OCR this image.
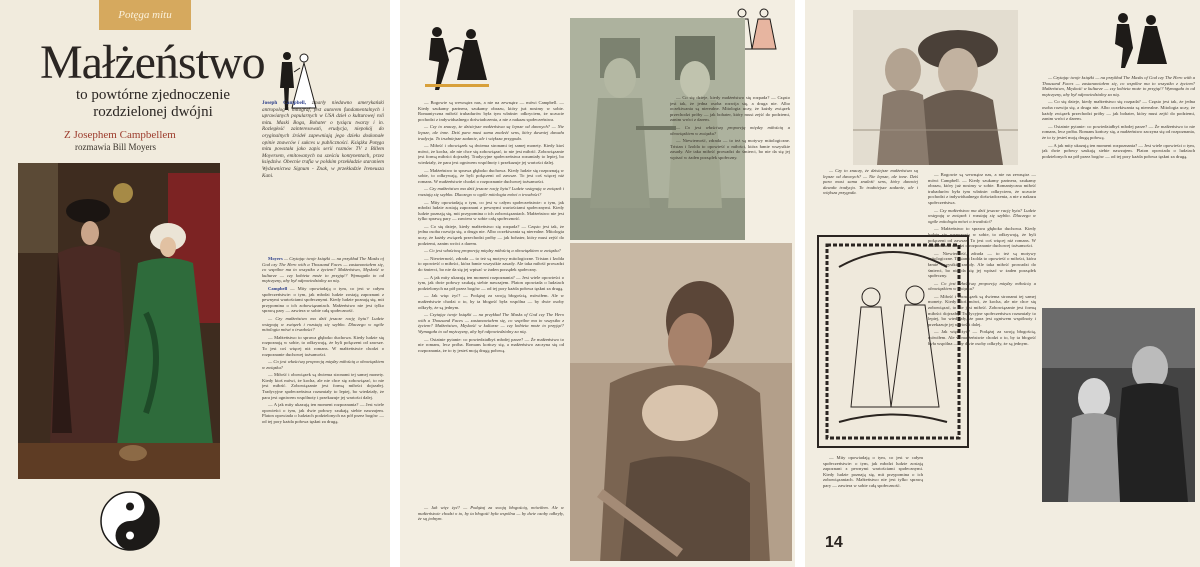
Potęga mitu
Małżeństwo
to powtórne zjednoczenie
rozdzielonej dwójni
Z Josephem Campbellem
rozmawia Bill Moyers

Joseph Campbell, zmarły niedawno amerykański antropolog i mitograf, jest autorem fundamentalnych i uprawianych popularnych w USA dzieł o kulturowej roli mitu. Maski Boga, Bohater o tysiącu twarzy i in. Rozległość zainteresowań, erudycja, niepokój do oryginalnych źródeł zapewniają jego dziełu doskonałe opinie znawców i sukces u publiczności. Książka Potęga mitu powstała jako zapis serii rozmów TV z Billem Moyersem, emitowanych na sześciu kontynentach, przez księdzów. Obecnie trafia w polskim przekładzie staraniem Wydawnictwa Signum - Znak, w przekładzie Ireneusza Kani.

Moyers — Czytając twoje książki — na przykład The Masks of God czy The Hero with a Thousand Faces — zastanawiałem się, co wspólne ma to wszystko z życiem? Małżeństwo, Męskość w kulturze — czy kobieta może to przyjąć? Wymagała to od mężczyzny, aby był odpowiedzialny za nią.

Campbell — Mity opowiadają o tym, co jest w całym społeczeństwie: o tym, jak młodzi ludzie zostają zapoznani z pewnymi wartościami społecznymi. Kiedy ludzie poznają się, mit przypomina o ich zobowiązaniach. Małżeństwo nie jest tylko sprawą pary — zawiera w sobie całą społeczność.

— Czy małżeństwo ma dziś jeszcze rację bytu? Ludzie wstępują w związek i rozstają się szybko. Dlaczego w ogóle mitologia mówi o trwałości?

— Małżeństwo to sprawa głęboko duchowa. Kiedy ludzie się rozpoznają w sobie, to odkrywają, że byli połączeni od zawsze. To jest coś więcej niż romans. W małżeństwie chodzi o rozpoznanie duchowej tożsamości.

— Co jest właściwą proporcją między miłością a obowiązkiem w związku?

— Miłość i obowiązek są dwiema stronami tej samej monety. Kiedy ktoś mówi, że kocha, ale nie chce się zobowiązać, to nie jest miłość. Zobowiązanie jest formą miłości dojrzałej. Tradycyjne społeczeństwa rozumiały to lepiej, bo wiedziały, że para jest ogniwem wspólnoty i przekazuje jej wartości dalej.

— A jak mity ukazują ten moment rozpoznania? — Jest wiele opowieści o tym, jak dwie połowy szukają siebie nawzajem. Platon opowiada o ludziach podzielonych na pół przez bogów — od tej pory każda połowa tęskni za drugą.

— Bogowie są wewnątrz nas, a nie na zewnątrz — mówi Campbell. — Kiedy szukamy partnera, szukamy obrazu, który już nosimy w sobie. Romantyczna miłość trubadurów była tym właśnie: odkryciem, że uczucie pochodzi z indywidualnego doświadczenia, a nie z nakazu społeczeństwa.

— Czy to znaczy, że dzisiejsze małżeństwa są lepsze od dawnych? — Nie lepsze, ale inne. Dziś para musi sama znaleźć sens, który dawniej dawała tradycja. To trudniejsze zadanie, ale i większa przygoda.

— Miłość i obowiązek są dwiema stronami tej samej monety. Kiedy ktoś mówi, że kocha, ale nie chce się zobowiązać, to nie jest miłość. Zobowiązanie jest formą miłości dojrzałej. Tradycyjne społeczeństwa rozumiały to lepiej, bo wiedziały, że para jest ogniwem wspólnoty i przekazuje jej wartości dalej.

— Małżeństwo to sprawa głęboko duchowa. Kiedy ludzie się rozpoznają w sobie, to odkrywają, że byli połączeni od zawsze. To jest coś więcej niż romans. W małżeństwie chodzi o rozpoznanie duchowej tożsamości.

— Czy małżeństwo ma dziś jeszcze rację bytu? Ludzie wstępują w związek i rozstają się szybko. Dlaczego w ogóle mitologia mówi o trwałości?

— Mity opowiadają o tym, co jest w całym społeczeństwie: o tym, jak młodzi ludzie zostają zapoznani z pewnymi wartościami społecznymi. Kiedy ludzie poznają się, mit przypomina o ich zobowiązaniach. Małżeństwo nie jest tylko sprawą pary — zawiera w sobie całą społeczność.

— Co się dzieje, kiedy małżeństwo się rozpada? — Często jest tak, że jedna osoba rozwija się, a druga nie. Albo oczekiwania są nierealne. Mitologia uczy, że każdy związek przechodzi próby — jak bohater, który musi zejść do podziemi, zanim wróci z darem.

— Co jest właściwą proporcją między miłością a obowiązkiem w związku?

— Niewierność, zdrada — to też są motywy mitologiczne. Tristan i Izolda to opowieść o miłości, która łamie wszystkie zasady. Ale taka miłość prowadzi do śmierci, bo nie da się jej wpisać w żaden porządek społeczny.

— A jak mity ukazują ten moment rozpoznania? — Jest wiele opowieści o tym, jak dwie połowy szukają siebie nawzajem. Platon opowiada o ludziach podzielonych na pół przez bogów — od tej pory każda połowa tęskni za drugą.

— Jak więc żyć? — Podążaj za swoją błogością, mówiłem. Ale w małżeństwie chodzi o to, by ta błogość była wspólna — by dwie osoby odkryły, że są jednym.

— Czytając twoje książki — na przykład The Masks of God czy The Hero with a Thousand Faces — zastanawiałem się, co wspólne ma to wszystko z życiem? Małżeństwo, Męskość w kulturze — czy kobieta może to przyjąć? Wymagała to od mężczyzny, aby był odpowiedzialny za nią.

— Ostatnie pytanie: co powiedziałbyś młodej parze? — Że małżeństwo to nie romans, lecz próba. Romans kończy się, a małżeństwo zaczyna się od rozpoznania, że to ty jesteś moją drugą połową.

— Co się dzieje, kiedy małżeństwo się rozpada? — Często jest tak, że jedna osoba rozwija się, a druga nie. Albo oczekiwania są nierealne. Mitologia uczy, że każdy związek przechodzi próby — jak bohater, który musi zejść do podziemi, zanim wróci z darem.

— Co jest właściwą proporcją między miłością a obowiązkiem w związku?

— Niewierność, zdrada — to też są motywy mitologiczne. Tristan i Izolda to opowieść o miłości, która łamie wszystkie zasady. Ale taka miłość prowadzi do śmierci, bo nie da się jej wpisać w żaden porządek społeczny.

— Jak więc żyć? — Podążaj za swoją błogością, mówiłem. Ale w małżeństwie chodzi o to, by ta błogość była wspólna — by dwie osoby odkryły, że są jednym.

— Czy to znaczy, że dzisiejsze małżeństwa są lepsze od dawnych? — Nie lepsze, ale inne. Dziś para musi sama znaleźć sens, który dawniej dawała tradycja. To trudniejsze zadanie, ale i większa przygoda.

— Bogowie są wewnątrz nas, a nie na zewnątrz — mówi Campbell. — Kiedy szukamy partnera, szukamy obrazu, który już nosimy w sobie. Romantyczna miłość trubadurów była tym właśnie: odkryciem, że uczucie pochodzi z indywidualnego doświadczenia, a nie z nakazu społeczeństwa.

— Czy małżeństwo ma dziś jeszcze rację bytu? Ludzie wstępują w związek i rozstają się szybko. Dlaczego w ogóle mitologia mówi o trwałości?

— Małżeństwo to sprawa głęboko duchowa. Kiedy ludzie się rozpoznają w sobie, to odkrywają, że byli połączeni od zawsze. To jest coś więcej niż romans. W małżeństwie chodzi o rozpoznanie duchowej tożsamości.

— Niewierność, zdrada — to też są motywy mitologiczne. Tristan i Izolda to opowieść o miłości, która łamie wszystkie zasady. Ale taka miłość prowadzi do śmierci, bo nie da się jej wpisać w żaden porządek społeczny.

— Co jest właściwą proporcją między miłością a obowiązkiem w związku?

— Miłość i obowiązek są dwiema stronami tej samej monety. Kiedy ktoś mówi, że kocha, ale nie chce się zobowiązać, to nie jest miłość. Zobowiązanie jest formą miłości dojrzałej. Tradycyjne społeczeństwa rozumiały to lepiej, bo wiedziały, że para jest ogniwem wspólnoty i przekazuje jej wartości dalej.

— Jak więc żyć? — Podążaj za swoją błogością, mówiłem. Ale w małżeństwie chodzi o to, by ta błogość była wspólna — by dwie osoby odkryły, że są jednym.

— Czytając twoje książki — na przykład The Masks of God czy The Hero with a Thousand Faces — zastanawiałem się, co wspólne ma to wszystko z życiem? Małżeństwo, Męskość w kulturze — czy kobieta może to przyjąć? Wymagała to od mężczyzny, aby był odpowiedzialny za nią.

— Co się dzieje, kiedy małżeństwo się rozpada? — Często jest tak, że jedna osoba rozwija się, a druga nie. Albo oczekiwania są nierealne. Mitologia uczy, że każdy związek przechodzi próby — jak bohater, który musi zejść do podziemi, zanim wróci z darem.

— Ostatnie pytanie: co powiedziałbyś młodej parze? — Że małżeństwo to nie romans, lecz próba. Romans kończy się, a małżeństwo zaczyna się od rozpoznania, że to ty jesteś moją drugą połową.

— A jak mity ukazują ten moment rozpoznania? — Jest wiele opowieści o tym, jak dwie połowy szukają siebie nawzajem. Platon opowiada o ludziach podzielonych na pół przez bogów — od tej pory każda połowa tęskni za drugą.

— Mity opowiadają o tym, co jest w całym społeczeństwie: o tym, jak młodzi ludzie zostają zapoznani z pewnymi wartościami społecznymi. Kiedy ludzie poznają się, mit przypomina o ich zobowiązaniach. Małżeństwo nie jest tylko sprawą pary — zawiera w sobie całą społeczność.

14
